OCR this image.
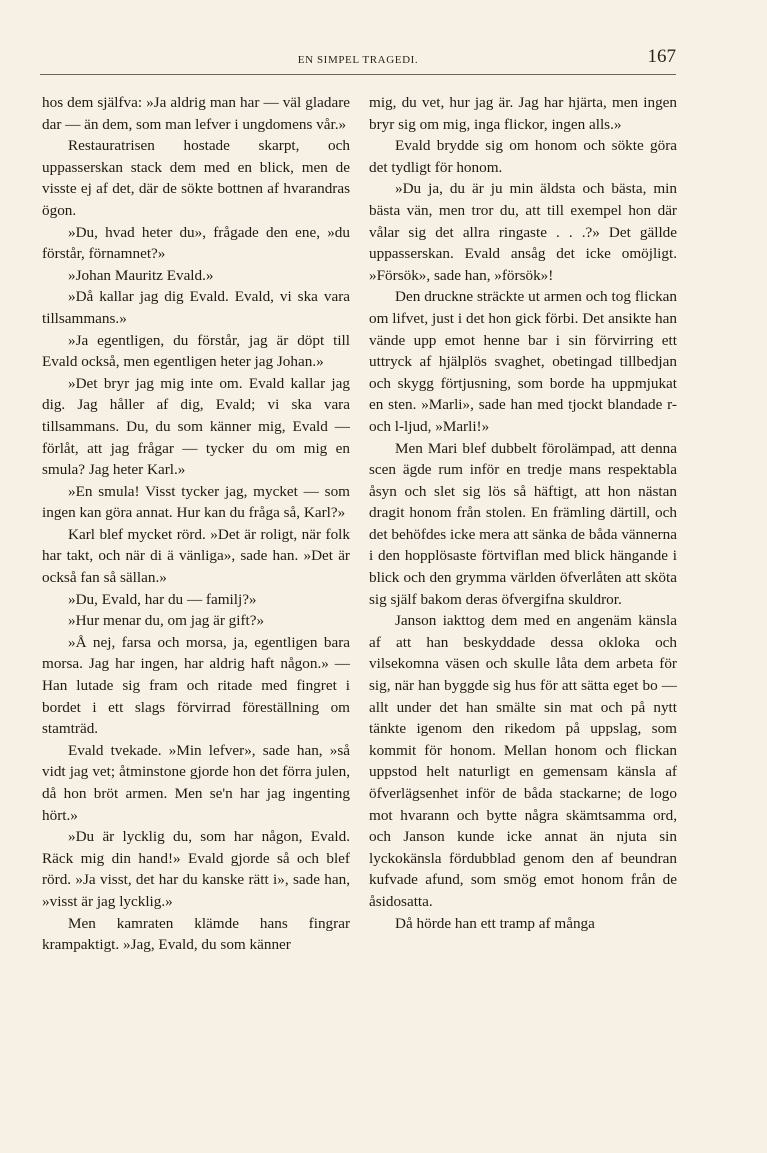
EN SIMPEL TRAGEDI.	167

hos dem själfva: »Ja aldrig man har — väl gladare dar — än dem, som man lefver i ungdomens vår.»

Restauratrisen hostade skarpt, och uppasserskan stack dem med en blick, men de visste ej af det, där de sökte bottnen af hvarandras ögon.

»Du, hvad heter du», frågade den ene, »du förstår, förnamnet?»

»Johan Mauritz Evald.»

»Då kallar jag dig Evald. Evald, vi ska vara tillsammans.»

»Ja egentligen, du förstår, jag är döpt till Evald också, men egentligen heter jag Johan.»

»Det bryr jag mig inte om. Evald kallar jag dig. Jag håller af dig, Evald; vi ska vara tillsammans. Du, du som känner mig, Evald — förlåt, att jag frågar — tycker du om mig en smula? Jag heter Karl.»

»En smula! Visst tycker jag, mycket — som ingen kan göra annat. Hur kan du fråga så, Karl?»

Karl blef mycket rörd. »Det är roligt, när folk har takt, och när di ä vänliga», sade han. »Det är också fan så sällan.»

»Du, Evald, har du — familj?»

»Hur menar du, om jag är gift?»

»Å nej, farsa och morsa, ja, egentligen bara morsa. Jag har ingen, har aldrig haft någon.» — Han lutade sig fram och ritade med fingret i bordet i ett slags förvirrad föreställning om stamträd.

Evald tvekade. »Min lefver», sade han, »så vidt jag vet; åtminstone gjorde hon det förra julen, då hon bröt armen. Men se'n har jag ingenting hört.»

»Du är lycklig du, som har någon, Evald. Räck mig din hand!» Evald gjorde så och blef rörd. »Ja visst, det har du kanske rätt i», sade han, »visst är jag lycklig.»

Men kamraten klämde hans fingrar krampaktigt. »Jag, Evald, du som känner

mig, du vet, hur jag är. Jag har hjärta, men ingen bryr sig om mig, inga flickor, ingen alls.»

Evald brydde sig om honom och sökte göra det tydligt för honom.

»Du ja, du är ju min äldsta och bästa, min bästa vän, men tror du, att till exempel hon där vålar sig det allra ringaste . . .?» Det gällde uppasserskan. Evald ansåg det icke omöjligt. »Försök», sade han, »försök»!

Den druckne sträckte ut armen och tog flickan om lifvet, just i det hon gick förbi. Det ansikte han vände upp emot henne bar i sin förvirring ett uttryck af hjälplös svaghet, obetingad tillbedjan och skygg förtjusning, som borde ha uppmjukat en sten. »Marli», sade han med tjockt blandade r- och l-ljud, »Marli!»

Men Mari blef dubbelt förolämpad, att denna scen ägde rum inför en tredje mans respektabla åsyn och slet sig lös så häftigt, att hon nästan dragit honom från stolen. En främling därtill, och det behöfdes icke mera att sänka de båda vännerna i den hopplösaste förtviflan med blick hängande i blick och den grymma världen öfverlåten att sköta sig själf bakom deras öfvergifna skuldror.

Janson iakttog dem med en angenäm känsla af att han beskyddade dessa okloka och vilsekomna väsen och skulle låta dem arbeta för sig, när han byggde sig hus för att sätta eget bo — allt under det han smälte sin mat och på nytt tänkte igenom den rikedom på uppslag, som kommit för honom. Mellan honom och flickan uppstod helt naturligt en gemensam känsla af öfverlägsenhet inför de båda stackarne; de logo mot hvarann och bytte några skämtsamma ord, och Janson kunde icke annat än njuta sin lyckokänsla fördubblad genom den af beundran kufvade afund, som smög emot honom från de åsidosatta.

Då hörde han ett tramp af många
